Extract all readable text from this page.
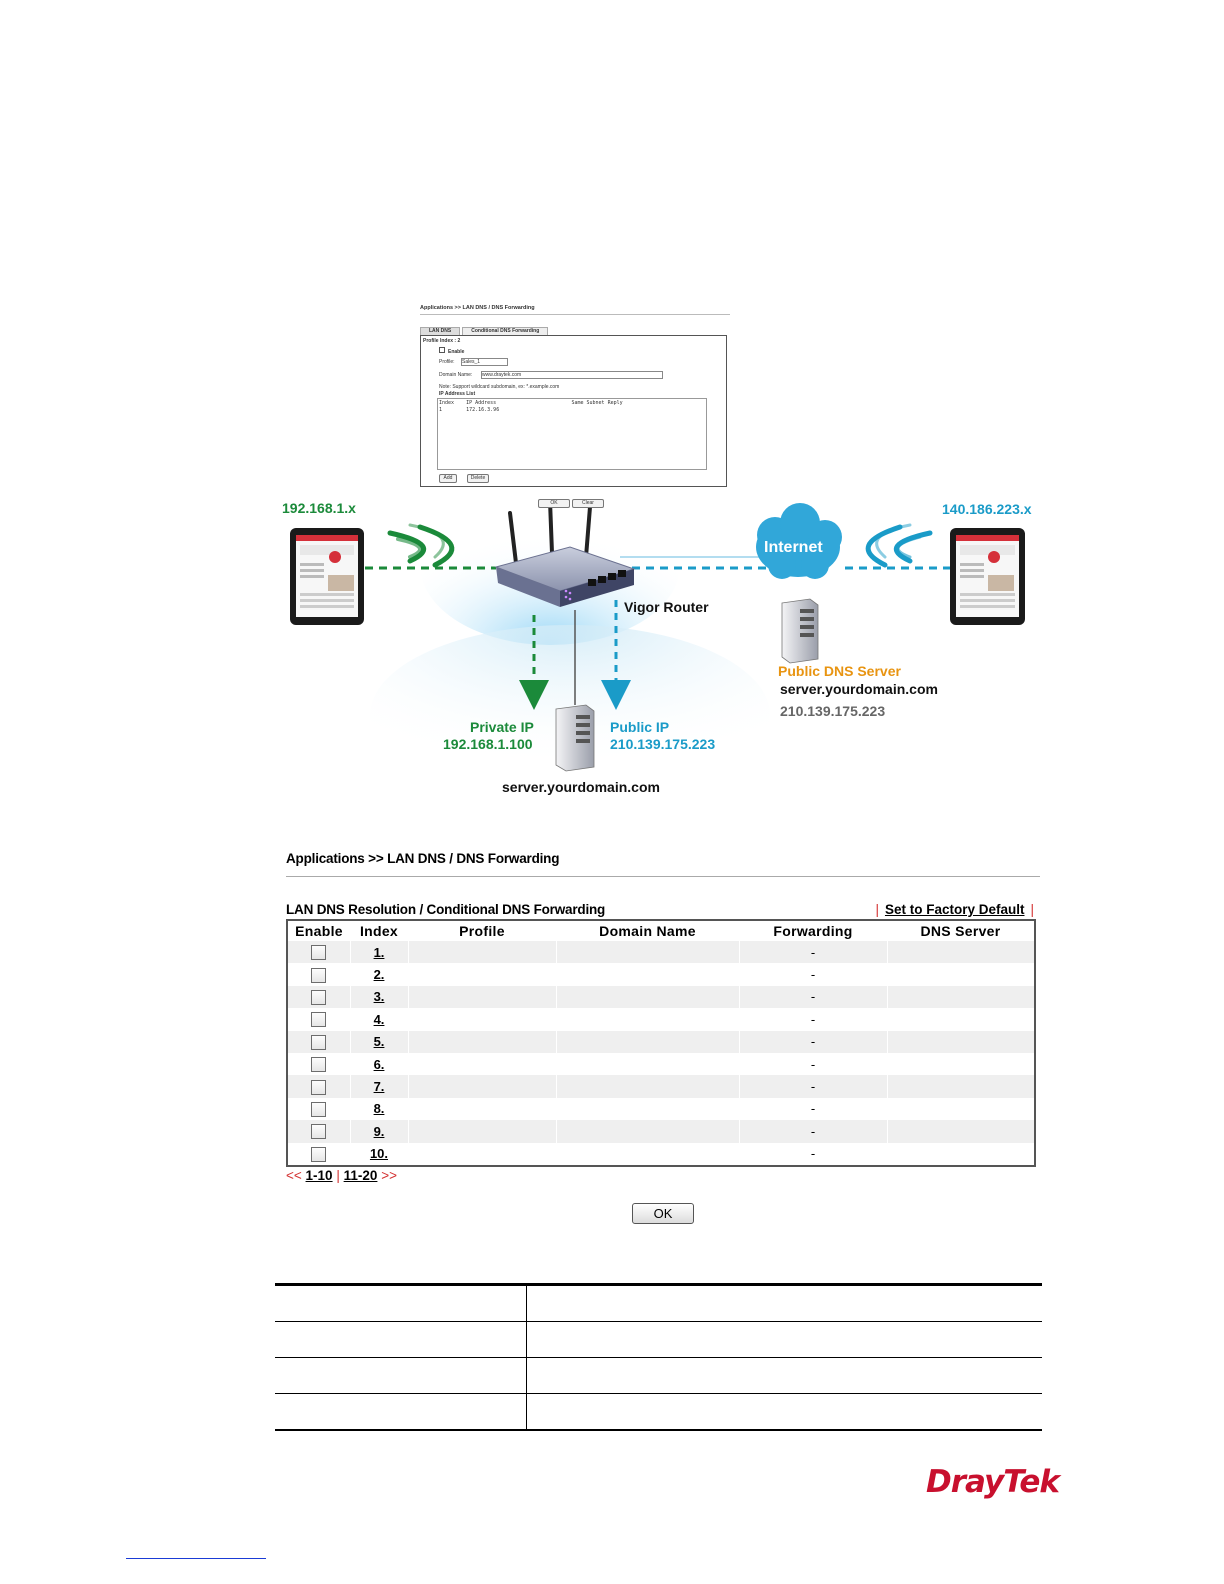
Applications >> LAN DNS / DNS Forwarding
LAN DNS	Conditional DNS Forwarding
Profile Index : 2
Enable
Profile: Sales_1
Domain Name: www.draytek.com
Note: Support wildcard subdomain, ex: *.example.com
IP Address List
Index    IP Address                         Same Subnet Reply
1        172.16.3.96
Add	Delete
OK	Clear
192.168.1.x	140.186.223.x
Internet
Vigor Router
Public DNS Server
server.yourdomain.com
210.139.175.223
Private IP
192.168.1.100
Public IP
210.139.175.223
server.yourdomain.com
Applications >> LAN DNS / DNS Forwarding
LAN DNS Resolution / Conditional DNS Forwarding	| Set to Factory Default |
Enable	Index	Profile	Domain Name	Forwarding	DNS Server
	1.			-	
	2.			-	
	3.			-	
	4.			-	
	5.			-	
	6.			-	
	7.			-	
	8.			-	
	9.			-	
	10.			-	
<< 1-10 | 11-20 >>
OK
DrayTek
